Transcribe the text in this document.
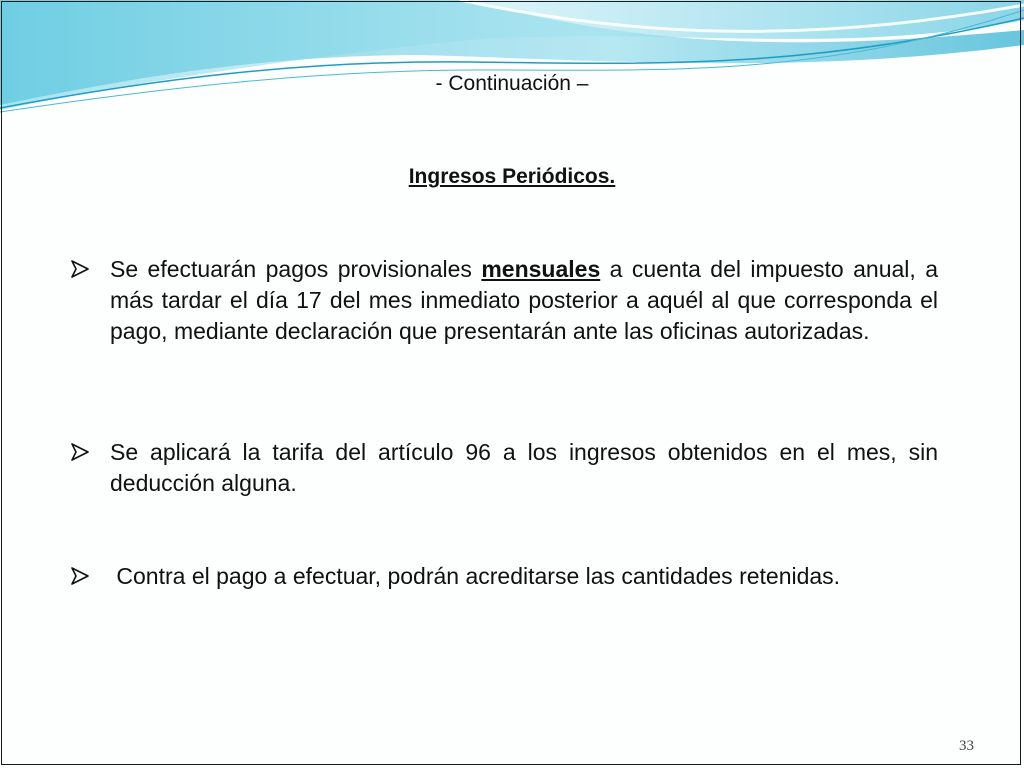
- Continuación –
Ingresos Periódicos.
Se efectuarán pagos provisionales mensuales a cuenta del impuesto anual, a más tardar el día 17 del mes inmediato posterior a aquél al que corresponda el pago, mediante declaración que presentarán ante las oficinas autorizadas.
Se aplicará la tarifa del artículo 96 a los ingresos obtenidos en el mes, sin deducción alguna.
Contra el pago a efectuar, podrán acreditarse las cantidades retenidas.
33
